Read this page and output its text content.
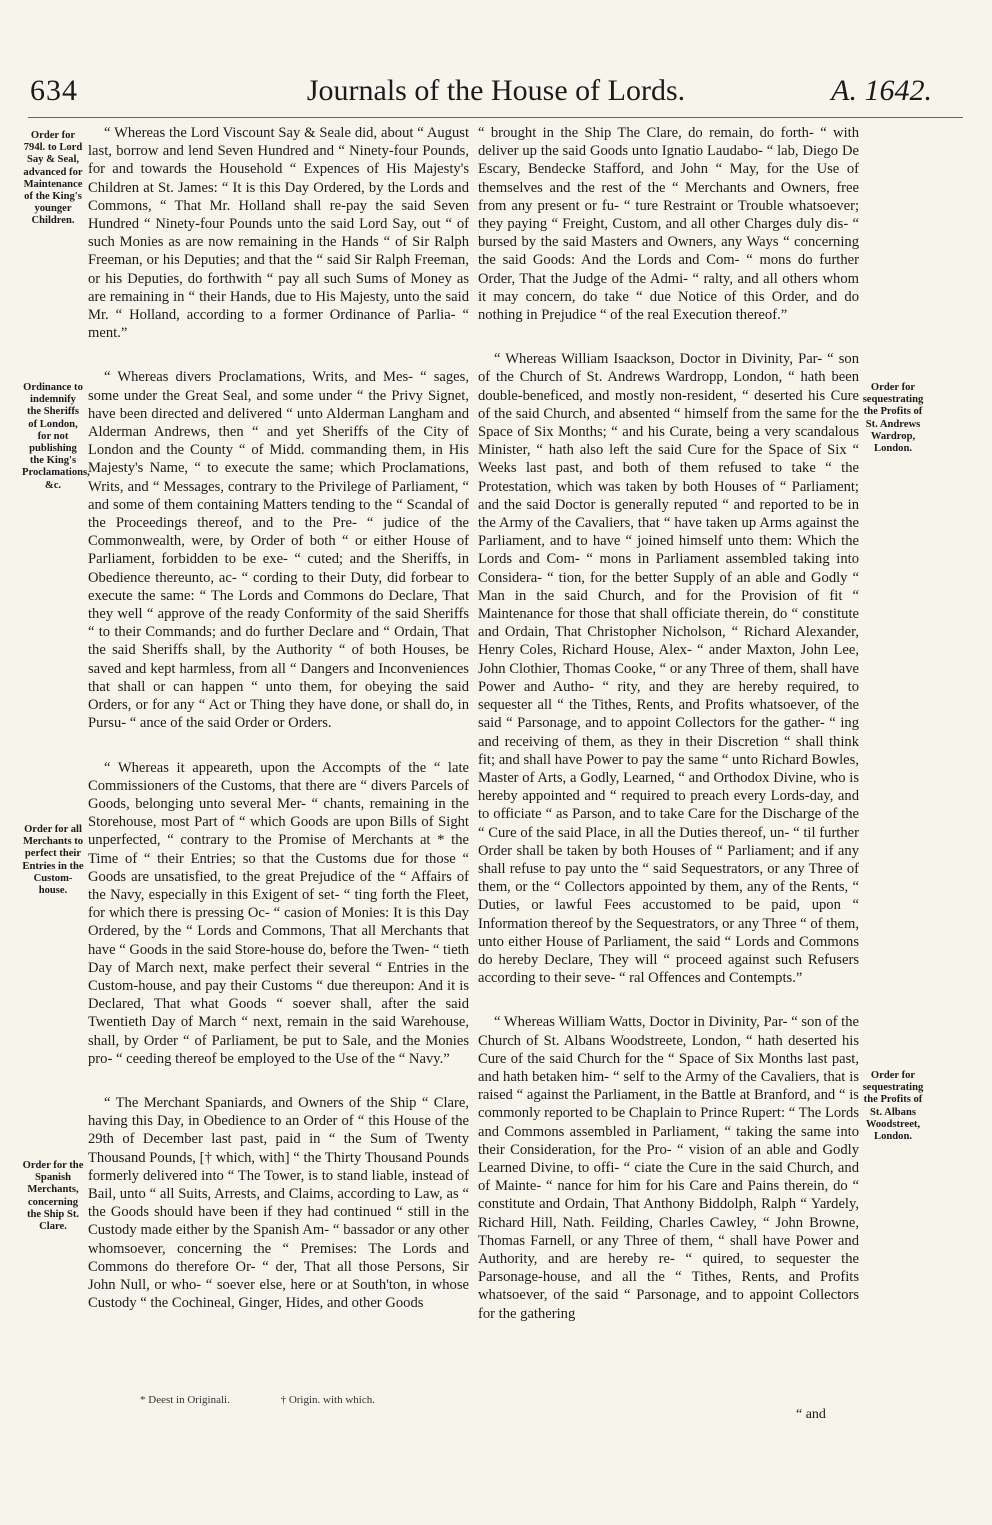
634	Journals of the House of Lords.	A. 1642.
Order for 794l. to Lord Say & Seal, advanced for Maintenance of the King's younger Children.
Ordinance to indemnify the Sheriffs of London, for not publishing the King's Proclamations, &c.
Order for all Merchants to perfect their Entries in the Custom-house.
Order for the Spanish Merchants, concerning the Ship St. Clare.
Order for sequestrating the Profits of St. Andrews Wardrop, London.
Order for sequestrating the Profits of St. Albans Woodstreet, London.

“ Whereas the Lord Viscount Say & Seale did, about “ August last, borrow and lend Seven Hundred and “ Ninety-four Pounds, for and towards the Household “ Expences of His Majesty's Children at St. James: “ It is this Day Ordered, by the Lords and Commons, “ That Mr. Holland shall re-pay the said Seven Hundred “ Ninety-four Pounds unto the said Lord Say, out “ of such Monies as are now remaining in the Hands “ of Sir Ralph Freeman, or his Deputies; and that the “ said Sir Ralph Freeman, or his Deputies, do forthwith “ pay all such Sums of Money as are remaining in “ their Hands, due to His Majesty, unto the said Mr. “ Holland, according to a former Ordinance of Parlia- “ ment.”

“ Whereas divers Proclamations, Writs, and Mes- “ sages, some under the Great Seal, and some under “ the Privy Signet, have been directed and delivered “ unto Alderman Langham and Alderman Andrews, then “ and yet Sheriffs of the City of London and the County “ of Midd. commanding them, in His Majesty's Name, “ to execute the same; which Proclamations, Writs, and “ Messages, contrary to the Privilege of Parliament, “ and some of them containing Matters tending to the “ Scandal of the Proceedings thereof, and to the Pre- “ judice of the Commonwealth, were, by Order of both “ or either House of Parliament, forbidden to be exe- “ cuted; and the Sheriffs, in Obedience thereunto, ac- “ cording to their Duty, did forbear to execute the same: “ The Lords and Commons do Declare, That they well “ approve of the ready Conformity of the said Sheriffs “ to their Commands; and do further Declare and “ Ordain, That the said Sheriffs shall, by the Authority “ of both Houses, be saved and kept harmless, from all “ Dangers and Inconveniences that shall or can happen “ unto them, for obeying the said Orders, or for any “ Act or Thing they have done, or shall do, in Pursu- “ ance of the said Order or Orders.

“ Whereas it appeareth, upon the Accompts of the “ late Commissioners of the Customs, that there are “ divers Parcels of Goods, belonging unto several Mer- “ chants, remaining in the Storehouse, most Part of “ which Goods are upon Bills of Sight unperfected, “ contrary to the Promise of Merchants at * the Time of “ their Entries; so that the Customs due for those “ Goods are unsatisfied, to the great Prejudice of the “ Affairs of the Navy, especially in this Exigent of set- “ ting forth the Fleet, for which there is pressing Oc- “ casion of Monies: It is this Day Ordered, by the “ Lords and Commons, That all Merchants that have “ Goods in the said Store-house do, before the Twen- “ tieth Day of March next, make perfect their several “ Entries in the Custom-house, and pay their Customs “ due thereupon: And it is Declared, That what Goods “ soever shall, after the said Twentieth Day of March “ next, remain in the said Warehouse, shall, by Order “ of Parliament, be put to Sale, and the Monies pro- “ ceeding thereof be employed to the Use of the “ Navy.”

“ The Merchant Spaniards, and Owners of the Ship “ Clare, having this Day, in Obedience to an Order of “ this House of the 29th of December last past, paid in “ the Sum of Twenty Thousand Pounds, [† which, with] “ the Thirty Thousand Pounds formerly delivered into “ The Tower, is to stand liable, instead of Bail, unto “ all Suits, Arrests, and Claims, according to Law, as “ the Goods should have been if they had continued “ still in the Custody made either by the Spanish Am- “ bassador or any other whomsoever, concerning the “ Premises: The Lords and Commons do therefore Or- “ der, That all those Persons, Sir John Null, or who- “ soever else, here or at South'ton, in whose Custody “ the Cochineal, Ginger, Hides, and other Goods

“ brought in the Ship The Clare, do remain, do forth- “ with deliver up the said Goods unto Ignatio Laudabo- “ lab, Diego De Escary, Bendecke Stafford, and John “ May, for the Use of themselves and the rest of the “ Merchants and Owners, free from any present or fu- “ ture Restraint or Trouble whatsoever; they paying “ Freight, Custom, and all other Charges duly dis- “ bursed by the said Masters and Owners, any Ways “ concerning the said Goods: And the Lords and Com- “ mons do further Order, That the Judge of the Admi- “ ralty, and all others whom it may concern, do take “ due Notice of this Order, and do nothing in Prejudice “ of the real Execution thereof.”

“ Whereas William Isaackson, Doctor in Divinity, Par- “ son of the Church of St. Andrews Wardropp, London, “ hath been double-beneficed, and mostly non-resident, “ deserted his Cure of the said Church, and absented “ himself from the same for the Space of Six Months; “ and his Curate, being a very scandalous Minister, “ hath also left the said Cure for the Space of Six “ Weeks last past, and both of them refused to take “ the Protestation, which was taken by both Houses of “ Parliament; and the said Doctor is generally reputed “ and reported to be in the Army of the Cavaliers, that “ have taken up Arms against the Parliament, and to have “ joined himself unto them: Which the Lords and Com- “ mons in Parliament assembled taking into Considera- “ tion, for the better Supply of an able and Godly “ Man in the said Church, and for the Provision of fit “ Maintenance for those that shall officiate therein, do “ constitute and Ordain, That Christopher Nicholson, “ Richard Alexander, Henry Coles, Richard House, Alex- “ ander Maxton, John Lee, John Clothier, Thomas Cooke, “ or any Three of them, shall have Power and Autho- “ rity, and they are hereby required, to sequester all “ the Tithes, Rents, and Profits whatsoever, of the said “ Parsonage, and to appoint Collectors for the gather- “ ing and receiving of them, as they in their Discretion “ shall think fit; and shall have Power to pay the same “ unto Richard Bowles, Master of Arts, a Godly, Learned, “ and Orthodox Divine, who is hereby appointed and “ required to preach every Lords-day, and to officiate “ as Parson, and to take Care for the Discharge of the “ Cure of the said Place, in all the Duties thereof, un- “ til further Order shall be taken by both Houses of “ Parliament; and if any shall refuse to pay unto the “ said Sequestrators, or any Three of them, or the “ Collectors appointed by them, any of the Rents, “ Duties, or lawful Fees accustomed to be paid, upon “ Information thereof by the Sequestrators, or any Three “ of them, unto either House of Parliament, the said “ Lords and Commons do hereby Declare, They will “ proceed against such Refusers according to their seve- “ ral Offences and Contempts.”

“ Whereas William Watts, Doctor in Divinity, Par- “ son of the Church of St. Albans Woodstreete, London, “ hath deserted his Cure of the said Church for the “ Space of Six Months last past, and hath betaken him- “ self to the Army of the Cavaliers, that is raised “ against the Parliament, in the Battle at Branford, and “ is commonly reported to be Chaplain to Prince Rupert: “ The Lords and Commons assembled in Parliament, “ taking the same into their Consideration, for the Pro- “ vision of an able and Godly Learned Divine, to offi- “ ciate the Cure in the said Church, and of Mainte- “ nance for him for his Care and Pains therein, do “ constitute and Ordain, That Anthony Biddolph, Ralph “ Yardely, Richard Hill, Nath. Feilding, Charles Cawley, “ John Browne, Thomas Farnell, or any Three of them, “ shall have Power and Authority, and are hereby re- “ quired, to sequester the Parsonage-house, and all the “ Tithes, Rents, and Profits whatsoever, of the said “ Parsonage, and to appoint Collectors for the gathering

* Deest in Originali.	† Origin. with which.
“ and
